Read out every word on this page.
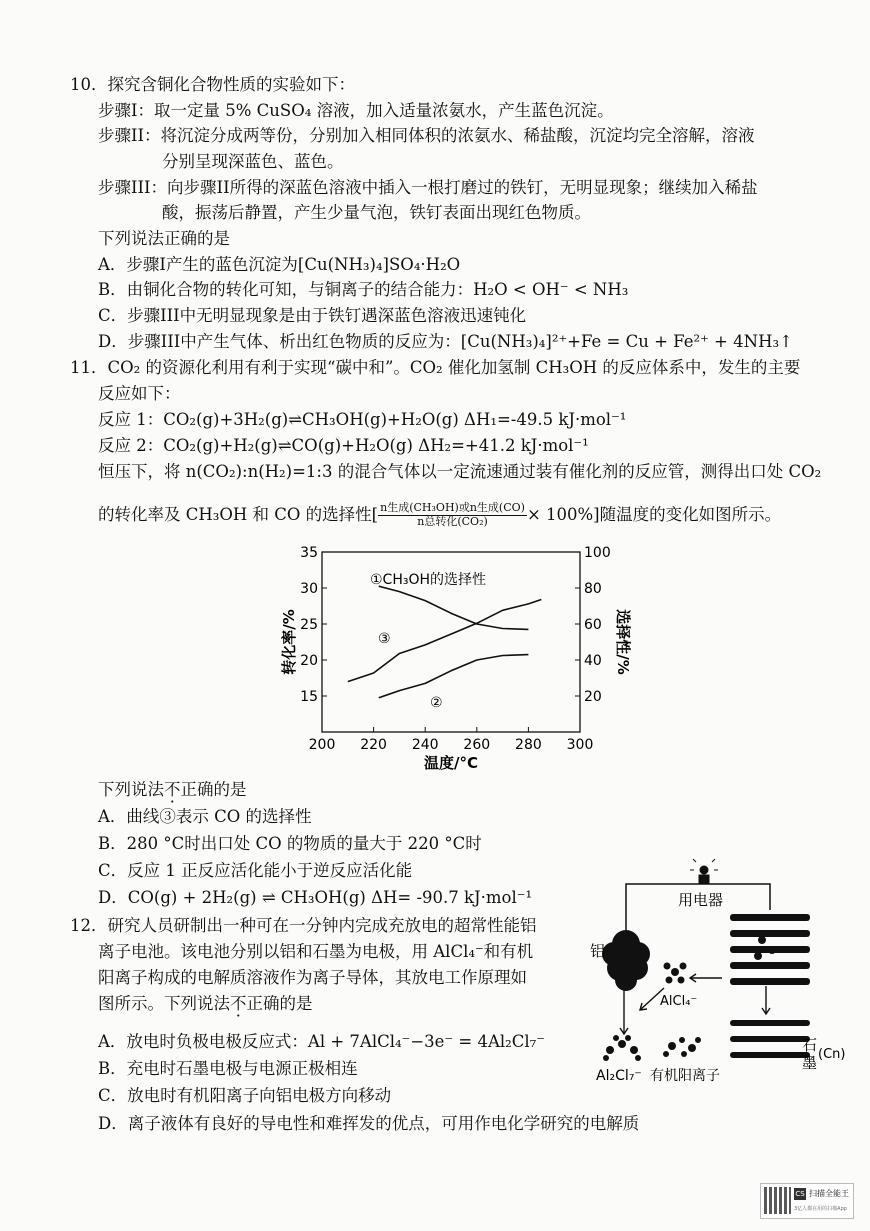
10．探究含铜化合物性质的实验如下：
步骤I：取一定量 5% CuSO₄ 溶液，加入适量浓氨水，产生蓝色沉淀。
步骤II：将沉淀分成两等份，分别加入相同体积的浓氨水、稀盐酸，沉淀均完全溶解，溶液
分别呈现深蓝色、蓝色。
步骤III：向步骤II所得的深蓝色溶液中插入一根打磨过的铁钉，无明显现象；继续加入稀盐
酸，振荡后静置，产生少量气泡，铁钉表面出现红色物质。
下列说法正确的是
A．步骤I产生的蓝色沉淀为[Cu(NH₃)₄]SO₄·H₂O
B．由铜化合物的转化可知，与铜离子的结合能力：H₂O < OH⁻ < NH₃
C．步骤III中无明显现象是由于铁钉遇深蓝色溶液迅速钝化
D．步骤III中产生气体、析出红色物质的反应为：[Cu(NH₃)₄]²⁺+Fe = Cu + Fe²⁺ + 4NH₃↑
11．CO₂ 的资源化利用有利于实现“碳中和”。CO₂ 催化加氢制 CH₃OH 的反应体系中，发生的主要
反应如下：
反应 1：CO₂(g)+3H₂(g)⇌CH₃OH(g)+H₂O(g) ΔH₁=-49.5 kJ·mol⁻¹
反应 2：CO₂(g)+H₂(g)⇌CO(g)+H₂O(g) ΔH₂=+41.2 kJ·mol⁻¹
恒压下，将 n(CO₂):n(H₂)=1:3 的混合气体以一定流速通过装有催化剂的反应管，测得出口处 CO₂
的转化率及 CH₃OH 和 CO 的选择性[ $\frac{\text{n生成(CH₃OH)或n生成(CO)}}{\text{n总转化(CO₂)}} \times 100\%$]随温度的变化如图所示。
200 220 240 260 280 300
15
20
25
30
35
20
40
60
80
100
温度/°C
转化率/%	选择性/%
①CH₃OH的选择性
②
③
下列说法不正确的是
A．曲线③表示 CO 的选择性
B．280 °C时出口处 CO 的物质的量大于 220 °C时
C．反应 1 正反应活化能小于逆反应活化能
D．CO(g) + 2H₂(g) ⇌ CH₃OH(g) ΔH= -90.7 kJ·mol⁻¹
12．研究人员研制出一种可在一分钟内完成充放电的超常性能铝
离子电池。该电池分别以铝和石墨为电极，用 AlCl₄⁻和有机
阳离子构成的电解质溶液作为离子导体，其放电工作原理如
图所示。下列说法不正确的是
A．放电时负极电极反应式：Al + 7AlCl₄⁻−3e⁻ = 4Al₂Cl₇⁻
B．充电时石墨电极与电源正极相连
C．放电时有机阳离子向铝电极方向移动
D．离子液体有良好的导电性和难挥发的优点，可用作电化学研究的电解质
用电器
铝
AlCl₄⁻
Al₂Cl₇⁻ 有机阳离子
石
墨 (Cn)
CS 扫描全能王
3亿人都在用的扫描App
